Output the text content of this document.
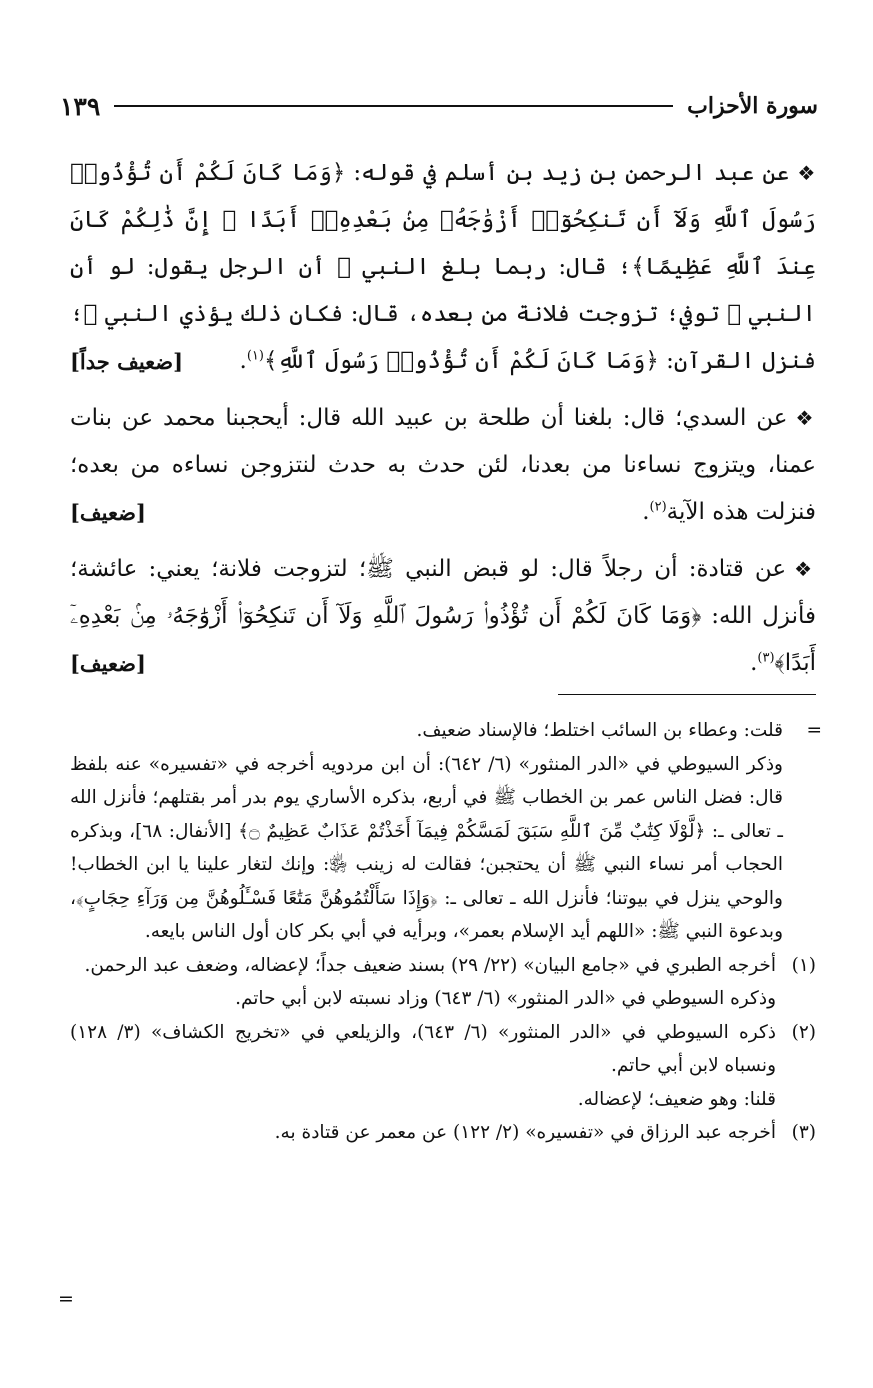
سورة الأحزاب
١٣٩

❖عن عبد الرحمن بن زيد بن أسلم في قوله: ﴿وَمَا كَانَ لَكُمْ أَن تُؤْذُوا۟ رَسُولَ ٱللَّهِ وَلَآ أَن تَنكِحُوٓا۟ أَزْوَٰجَهُۥ مِنۢ بَعْدِهِۦٓ أَبَدًا ۚ إِنَّ ذَٰلِكُمْ كَانَ عِندَ ٱللَّهِ عَظِيمًا﴾؛ قال: ربما بلغ النبي ﷺ أن الرجل يقول: لو أن النبي ﷺ توفي؛ تزوجت فلانة من بعده، قال: فكان ذلك يؤذي النبي ﷺ؛ فنزل القرآن: ﴿وَمَا كَانَ لَكُمْ أَن تُؤْذُوا۟ رَسُولَ ٱللَّهِ﴾$^{(١)}$.
[ضعيف جداً]

❖عن السدي؛ قال: بلغنا أن طلحة بن عبيد الله قال: أيحجبنا محمد عن بنات عمنا، ويتزوج نساءنا من بعدنا، لئن حدث به حدث لنتزوجن نساءه من بعده؛ فنزلت هذه الآية$^{(٢)}$.
[ضعيف]

❖عن قتادة: أن رجلاً قال: لو قبض النبي ﷺ؛ لتزوجت فلانة؛ يعني: عائشة؛ فأنزل الله: ﴿وَمَا كَانَ لَكُمْ أَن تُؤْذُوا۟ رَسُولَ ٱللَّهِ وَلَآ أَن تَنكِحُوٓا۟ أَزْوَٰجَهُۥ مِنۢ بَعْدِهِۦٓ أَبَدًا﴾$^{(٣)}$.
[ضعيف]

=

قلت: وعطاء بن السائب اختلط؛ فالإسناد ضعيف.

وذكر السيوطي في «الدر المنثور» (٦/ ٦٤٢): أن ابن مردويه أخرجه في «تفسيره» عنه بلفظ قال: فضل الناس عمر بن الخطاب ﷺ في أربع، بذكره الأساري يوم بدر أمر بقتلهم؛ فأنزل الله ـ تعالى ـ: ﴿لَّوْلَا كِتَٰبٌ مِّنَ ٱللَّهِ سَبَقَ لَمَسَّكُمْ فِيمَآ أَخَذْتُمْ عَذَابٌ عَظِيمٌ ۝﴾ [الأنفال: ٦٨]، وبذكره الحجاب أمر نساء النبي ﷺ أن يحتجبن؛ فقالت له زينب ﵂: وإنك لتغار علينا يا ابن الخطاب! والوحي ينزل في بيوتنا؛ فأنزل الله ـ تعالى ـ: ﴿وَإِذَا سَأَلْتُمُوهُنَّ مَتَٰعًا فَسْـَٔلُوهُنَّ مِن وَرَآءِ حِجَابٍ﴾، وبدعوة النبي ﷺ: «اللهم أيد الإسلام بعمر»، وبرأيه في أبي بكر كان أول الناس بايعه.

(١)

أخرجه الطبري في «جامع البيان» (٢٢/ ٢٩) بسند ضعيف جداً؛ لإعضاله، وضعف عبد الرحمن.

وذكره السيوطي في «الدر المنثور» (٦/ ٦٤٣) وزاد نسبته لابن أبي حاتم.

(٢)

ذكره السيوطي في «الدر المنثور» (٦/ ٦٤٣)، والزيلعي في «تخريج الكشاف» (٣/ ١٢٨) ونسباه لابن أبي حاتم.

قلنا: وهو ضعيف؛ لإعضاله.

(٣)

أخرجه عبد الرزاق في «تفسيره» (٢/ ١٢٢) عن معمر عن قتادة به.

=
